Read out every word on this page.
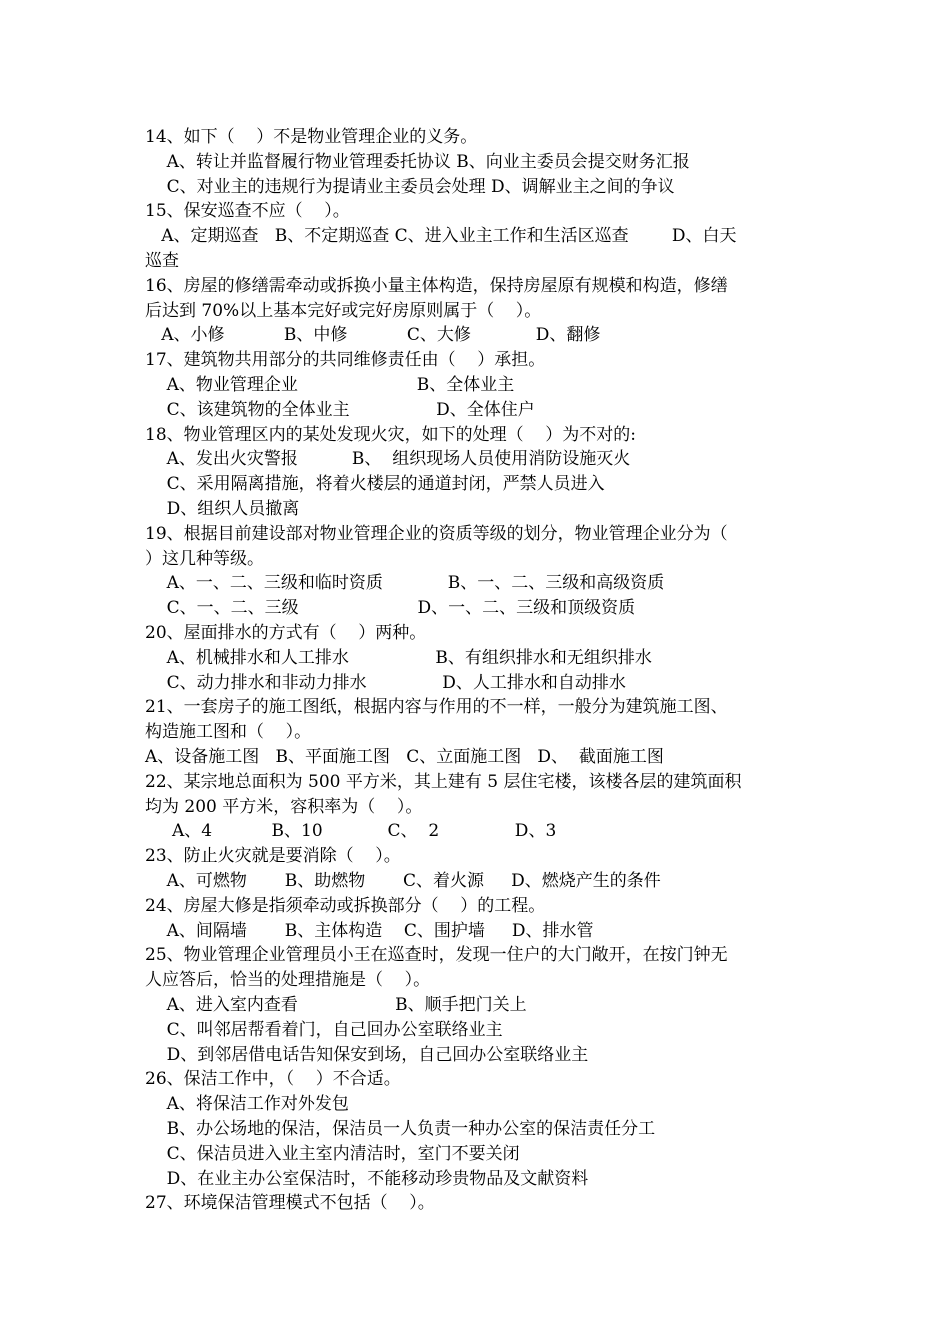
14、如下（    ）不是物业管理企业的义务。
A、转让并监督履行物业管理委托协议 B、向业主委员会提交财务汇报
C、对业主的违规行为提请业主委员会处理 D、调解业主之间的争议
15、保安巡查不应（    ）。
A、定期巡查   B、不定期巡查 C、进入业主工作和生活区巡查        D、白天
巡查
16、房屋的修缮需牵动或拆换小量主体构造，保持房屋原有规模和构造，修缮
后达到 70%以上基本完好或完好房原则属于（    ）。
A、小修           B、中修           C、大修            D、翻修
17、建筑物共用部分的共同维修责任由（    ）承担。
A、物业管理企业                      B、全体业主
C、该建筑物的全体业主                D、全体住户
18、物业管理区内的某处发现火灾，如下的处理（    ）为不对的:
A、发出火灾警报          B、  组织现场人员使用消防设施灭火
C、采用隔离措施，将着火楼层的通道封闭，严禁人员进入
D、组织人员撤离
19、根据目前建设部对物业管理企业的资质等级的划分，物业管理企业分为（
）这几种等级。
A、一、二、三级和临时资质            B、一、二、三级和高级资质
C、一、二、三级                      D、一、二、三级和顶级资质
20、屋面排水的方式有（    ）两种。
A、机械排水和人工排水                B、有组织排水和无组织排水
C、动力排水和非动力排水              D、人工排水和自动排水
21、一套房子的施工图纸，根据内容与作用的不一样，一般分为建筑施工图、
构造施工图和（    ）。
A、设备施工图   B、平面施工图   C、立面施工图   D、  截面施工图
22、某宗地总面积为 500 平方米，其上建有 5 层住宅楼，该楼各层的建筑面积
均为 200 平方米，容积率为（    ）。
A、4           B、10            C、  2              D、3
23、防止火灾就是要消除（    ）。
A、可燃物       B、助燃物       C、着火源     D、燃烧产生的条件
24、房屋大修是指须牵动或拆换部分（    ）的工程。
A、间隔墙       B、主体构造    C、围护墙     D、排水管
25、物业管理企业管理员小王在巡查时，发现一住户的大门敞开，在按门钟无
人应答后，恰当的处理措施是（    ）。
A、进入室内查看                  B、顺手把门关上
C、叫邻居帮看着门，自己回办公室联络业主
D、到邻居借电话告知保安到场，自己回办公室联络业主
26、保洁工作中，（    ）不合适。
A、将保洁工作对外发包
B、办公场地的保洁，保洁员一人负责一种办公室的保洁责任分工
C、保洁员进入业主室内清洁时，室门不要关闭
D、在业主办公室保洁时，不能移动珍贵物品及文献资料
27、环境保洁管理模式不包括（    ）。
